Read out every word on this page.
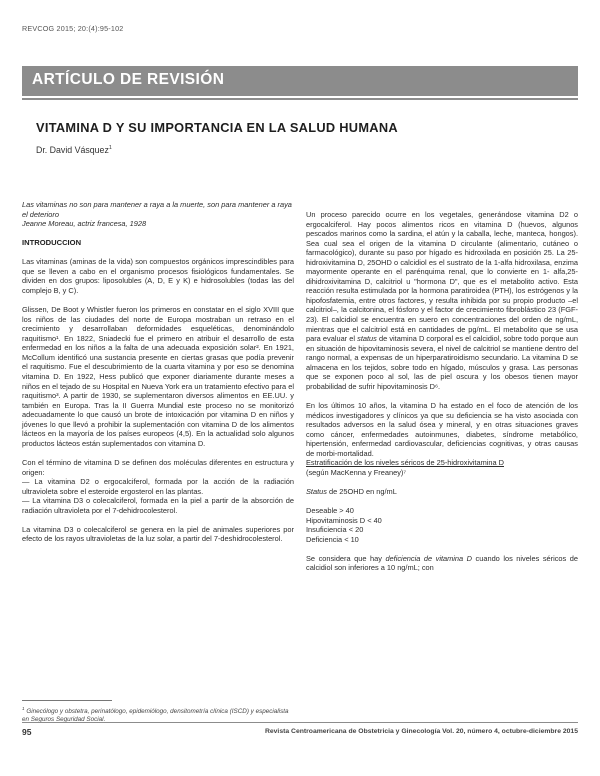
REVCOG 2015; 20:(4):95-102
ARTÍCULO DE REVISIÓN
VITAMINA D Y SU IMPORTANCIA EN LA SALUD HUMANA
Dr. David Vásquez$^1$
Las vitaminas no son para mantener a raya a la muerte, son para mantener a raya el deterioro
Jeanne Moreau, actriz francesa, 1928
INTRODUCCION

Las vitaminas (aminas de la vida) son compuestos orgánicos imprescindibles para que se lleven a cabo en el organismo procesos fisiológicos fundamentales. Se dividen en dos grupos: liposolubles (A, D, E y K) e hidrosolubles (todas las del complejo B, y C).

Glissen, De Boot y Whistler fueron los primeros en constatar en el siglo XVIII que los niños de las ciudades del norte de Europa mostraban un retraso en el crecimiento y desarrollaban deformidades esqueléticas, denominándolo raquitismo¹. En 1822, Sniadecki fue el primero en atribuir el desarrollo de esta enfermedad en los niños a la falta de una adecuada exposición solar². En 1921, McCollum identificó una sustancia presente en ciertas grasas que podía prevenir el raquitismo. Fue el descubrimiento de la cuarta vitamina y por eso se denomina vitamina D. En 1922, Hess publicó que exponer diariamente durante meses a niños en el tejado de su Hospital en Nueva York era un tratamiento efectivo para el raquitismo³. A partir de 1930, se suplementaron diversos alimentos en EE.UU. y también en Europa. Tras la II Guerra Mundial este proceso no se monitorizó adecuadamente lo que causó un brote de intoxicación por vitamina D en niños y jóvenes lo que llevó a prohibir la suplementación con vitamina D de los alimentos lácteos en la mayoría de los países europeos (4,5). En la actualidad solo algunos productos lácteos están suplementados con vitamina D.

Con el término de vitamina D se definen dos moléculas diferentes en estructura y origen:

— La vitamina D2 o ergocalciferol, formada por la acción de la radiación ultravioleta sobre el esteroide ergosterol en las plantas.

— La vitamina D3 o colecalciferol, formada en la piel a partir de la absorción de radiación ultravioleta por el 7-dehidrocolesterol.

La vitamina D3 o colecalciferol se genera en la piel de animales superiores por efecto de los rayos ultravioletas de la luz solar, a partir del 7-deshidrocolesterol.

Un proceso parecido ocurre en los vegetales, generándose vitamina D2 o ergocalciferol. Hay pocos alimentos ricos en vitamina D (huevos, algunos pescados marinos como la sardina, el atún y la caballa, leche, manteca, hongos). Sea cual sea el origen de la vitamina D circulante (alimentario, cutáneo o farmacológico), durante su paso por hígado es hidroxilada en posición 25. La 25-hidroxivitamina D, 25OHD o calcidiol es el sustrato de la 1-alfa hidroxilasa, enzima mayormente operante en el parénquima renal, que lo convierte en 1- alfa,25-dihidroxivitamina D, calcitriol u "hormona D", que es el metabolito activo. Esta reacción resulta estimulada por la hormona paratiroidea (PTH), los estrógenos y la hipofosfatemia, entre otros factores, y resulta inhibida por su propio producto –el calcitriol–, la calcitonina, el fósforo y el factor de crecimiento fibroblástico 23 (FGF-23). El calcidiol se encuentra en suero en concentraciones del orden de ng/mL, mientras que el calcitriol está en cantidades de pg/mL. El metabolito que se usa para evaluar el status de vitamina D corporal es el calcidiol, sobre todo porque aun en situación de hipovitaminosis severa, el nivel de calcitriol se mantiene dentro del rango normal, a expensas de un hiperparatiroidismo secundario. La vitamina D se almacena en los tejidos, sobre todo en hígado, músculos y grasa. Las personas que se exponen poco al sol, las de piel oscura y los obesos tienen mayor probabilidad de sufrir hipovitaminosis D⁶.

En los últimos 10 años, la vitamina D ha estado en el foco de atención de los médicos investigadores y clínicos ya que su deficiencia se ha visto asociada con resultados adversos en la salud ósea y mineral, y en otras situaciones graves como cáncer, enfermedades autoinmunes, diabetes, síndrome metabólico, hipertensión, enfermedad cardiovascular, deficiencias cognitivas, y otras causas de morbi-mortalidad.

Estratificación de los niveles séricos de 25-hidroxivitamina D

(según MacKenna y Freaney)⁷

Status de 25OHD en ng/mL

Deseable > 40
Hipovitaminosis D < 40
Insuficiencia < 20
Deficiencia < 10

Se considera que hay deficiencia de vitamina D cuando los niveles séricos de calcidiol son inferiores a 10 ng/mL; con

$^1$ Ginecólogo y obstetra, perinatólogo, epidemiólogo, densitometría clínica (ISCD) y especialista en Seguros Seguridad Social.
95	Revista Centroamericana de Obstetricia y Ginecología Vol. 20, número 4, octubre-diciembre 2015
